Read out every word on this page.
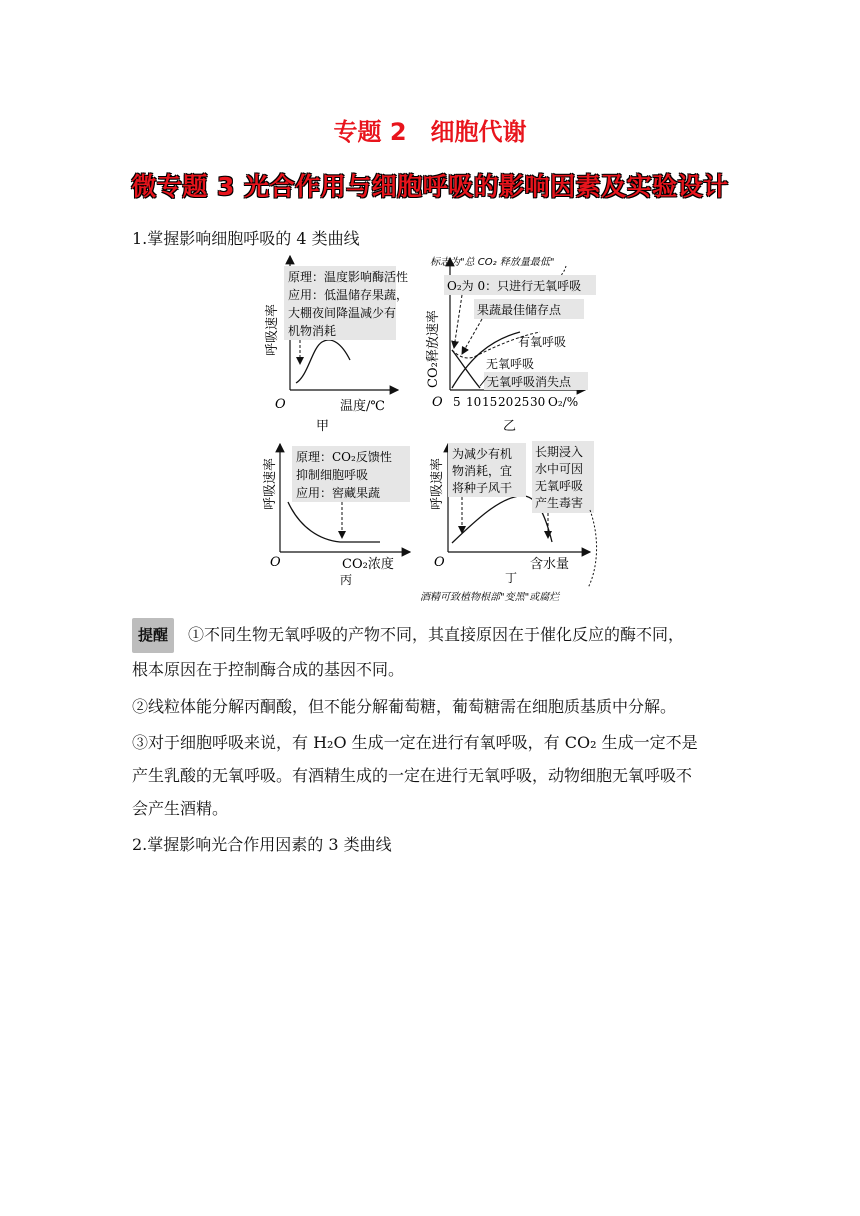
专题 2　细胞代谢
微专题 3 光合作用与细胞呼吸的影响因素及实验设计
1.掌握影响细胞呼吸的 4 类曲线
呼吸速率
O	温度/℃
甲
原理：温度影响酶活性
应用：低温储存果蔬，
大棚夜间降温减少有
机物消耗
标志为"总 CO₂ 释放量最低"
CO₂释放速率
O 5 10 15 20 25 30 O₂/%
乙
O₂为 0：只进行无氧呼吸
果蔬最佳储存点
有氧呼吸
无氧呼吸
无氧呼吸消失点
呼吸速率
O	CO₂浓度
丙
原理：CO₂反馈性
抑制细胞呼吸
应用：窖藏果蔬	呼吸速率
O	含水量
丁
为减少有机
物消耗，宜
将种子风干
长期浸入
水中可因
无氧呼吸
产生毒害
酒精可致植物根部"变黑"或腐烂
提醒 ①不同生物无氧呼吸的产物不同，其直接原因在于催化反应的酶不同，
根本原因在于控制酶合成的基因不同。
②线粒体能分解丙酮酸，但不能分解葡萄糖，葡萄糖需在细胞质基质中分解。
③对于细胞呼吸来说，有 H₂O 生成一定在进行有氧呼吸，有 CO₂ 生成一定不是
产生乳酸的无氧呼吸。有酒精生成的一定在进行无氧呼吸，动物细胞无氧呼吸不
会产生酒精。
2.掌握影响光合作用因素的 3 类曲线
